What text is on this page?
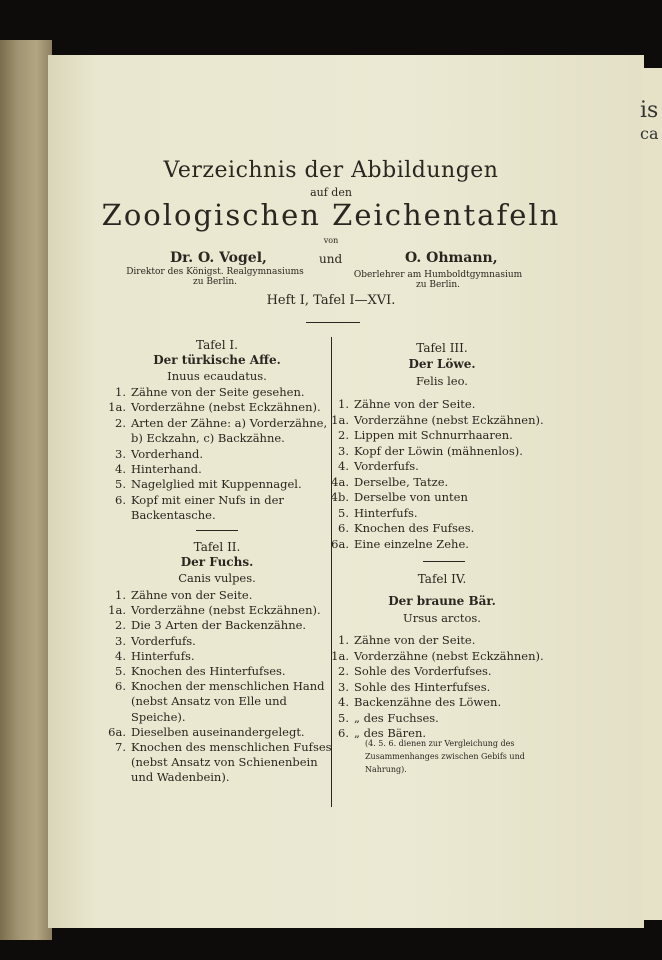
is
ca
Verzeichnis der Abbildungen
auf den
Zoologischen Zeichentafeln
von
Dr. O. Vogel,	und	O. Ohmann,
Direktor des Königst. Realgymnasiums
zu Berlin.
Oberlehrer am Humboldtgymnasium
zu Berlin.
Heft I, Tafel I—XVI.
Tafel I.
Der türkische Affe.
Inuus ecaudatus.
1. Zähne von der Seite gesehen.
1a. Vorderzähne (nebst Eckzähnen).
2. Arten der Zähne: a) Vorderzähne,
b) Eckzahn, c) Backzähne.
3. Vorderhand.
4. Hinterhand.
5. Nagelglied mit Kuppennagel.
6. Kopf mit einer Nufs in der
Backentasche.
Tafel II.
Der Fuchs.
Canis vulpes.
1. Zähne von der Seite.
1a. Vorderzähne (nebst Eckzähnen).
2. Die 3 Arten der Backenzähne.
3. Vorderfufs.
4. Hinterfufs.
5. Knochen des Hinterfufses.
6. Knochen der menschlichen Hand
(nebst Ansatz von Elle und
Speiche).
6a. Dieselben auseinandergelegt.
7. Knochen des menschlichen Fufses
(nebst Ansatz von Schienenbein
und Wadenbein).
Tafel III.
Der Löwe.
Felis leo.
1. Zähne von der Seite.
1a. Vorderzähne (nebst Eckzähnen).
2. Lippen mit Schnurrhaaren.
3. Kopf der Löwin (mähnenlos).
4. Vorderfufs.
4a. Derselbe, Tatze.
4b. Derselbe von unten
5. Hinterfufs.
6. Knochen des Fufses.
6a. Eine einzelne Zehe.
Tafel IV.
Der braune Bär.
Ursus arctos.
1. Zähne von der Seite.
1a. Vorderzähne (nebst Eckzähnen).
2. Sohle des Vorderfufses.
3. Sohle des Hinterfufses.
4. Backenzähne des Löwen.
5. „ des Fuchses.
6. „ des Bären.
(4. 5. 6. dienen zur Vergleichung des
Zusammenhanges zwischen Gebifs und
Nahrung).
